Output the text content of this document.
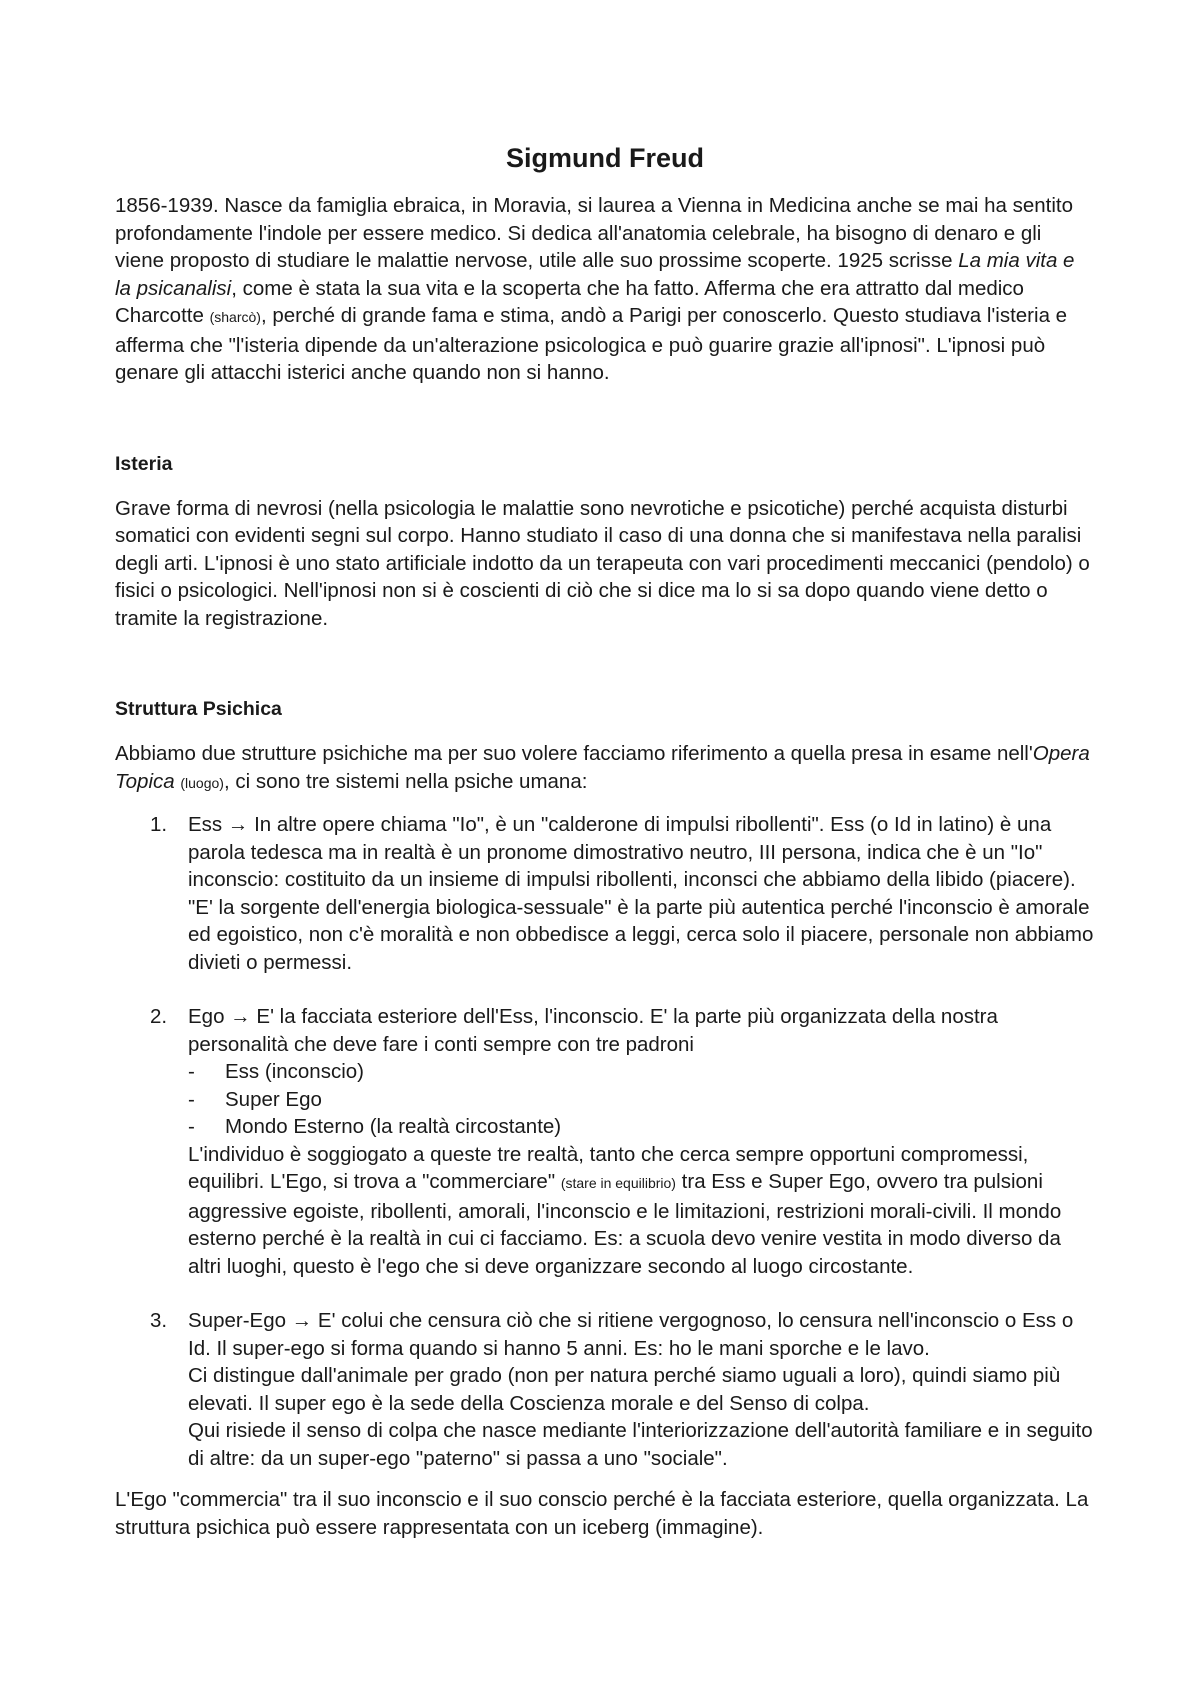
Sigmund Freud

1856-1939. Nasce da famiglia ebraica, in Moravia, si laurea a Vienna in Medicina anche se mai ha sentito profondamente l'indole per essere medico. Si dedica all'anatomia celebrale, ha bisogno di denaro e gli viene proposto di studiare le malattie nervose, utile alle suo prossime scoperte. 1925 scrisse La mia vita e la psicanalisi, come è stata la sua vita e la scoperta che ha fatto. Afferma che era attratto dal medico Charcotte (sharcò), perché di grande fama e stima, andò a Parigi per conoscerlo. Questo studiava l'isteria e afferma che "l'isteria dipende da un'alterazione psicologica e può guarire grazie all'ipnosi". L'ipnosi può genare gli attacchi isterici anche quando non si hanno.

Isteria

Grave forma di nevrosi (nella psicologia le malattie sono nevrotiche e psicotiche) perché acquista disturbi somatici con evidenti segni sul corpo. Hanno studiato il caso di una donna che si manifestava nella paralisi degli arti. L'ipnosi è uno stato artificiale indotto da un terapeuta con vari procedimenti meccanici (pendolo) o fisici o psicologici. Nell'ipnosi non si è coscienti di ciò che si dice ma lo si sa dopo quando viene detto o tramite la registrazione.

Struttura Psichica

Abbiamo due strutture psichiche ma per suo volere facciamo riferimento a quella presa in esame nell'Opera Topica (luogo), ci sono tre sistemi nella psiche umana:

1. Ess → In altre opere chiama "Io", è un "calderone di impulsi ribollenti". Ess (o Id in latino) è una parola tedesca ma in realtà è un pronome dimostrativo neutro, III persona, indica che è un "Io" inconscio: costituito da un insieme di impulsi ribollenti, inconsci che abbiamo della libido (piacere). "E' la sorgente dell'energia biologica-sessuale" è la parte più autentica perché l'inconscio è amorale ed egoistico, non c'è moralità e non obbedisce a leggi, cerca solo il piacere, personale non abbiamo divieti o permessi.
2. Ego → E' la facciata esteriore dell'Ess, l'inconscio. E' la parte più organizzata della nostra personalità che deve fare i conti sempre con tre padroni
- Ess (inconscio)
- Super Ego
- Mondo Esterno (la realtà circostante)
L'individuo è soggiogato a queste tre realtà, tanto che cerca sempre opportuni compromessi, equilibri. L'Ego, si trova a "commerciare" (stare in equilibrio) tra Ess e Super Ego, ovvero tra pulsioni aggressive egoiste, ribollenti, amorali, l'inconscio e le limitazioni, restrizioni morali-civili. Il mondo esterno perché è la realtà in cui ci facciamo. Es: a scuola devo venire vestita in modo diverso da altri luoghi, questo è l'ego che si deve organizzare secondo al luogo circostante.
3. Super-Ego → E' colui che censura ciò che si ritiene vergognoso, lo censura nell'inconscio o Ess o Id. Il super-ego si forma quando si hanno 5 anni. Es: ho le mani sporche e le lavo.
Ci distingue dall'animale per grado (non per natura perché siamo uguali a loro), quindi siamo più elevati. Il super ego è la sede della Coscienza morale e del Senso di colpa.
Qui risiede il senso di colpa che nasce mediante l'interiorizzazione dell'autorità familiare e in seguito di altre: da un super-ego "paterno" si passa a uno "sociale".

L'Ego "commercia" tra il suo inconscio e il suo conscio perché è la facciata esteriore, quella organizzata. La struttura psichica può essere rappresentata con un iceberg (immagine).
